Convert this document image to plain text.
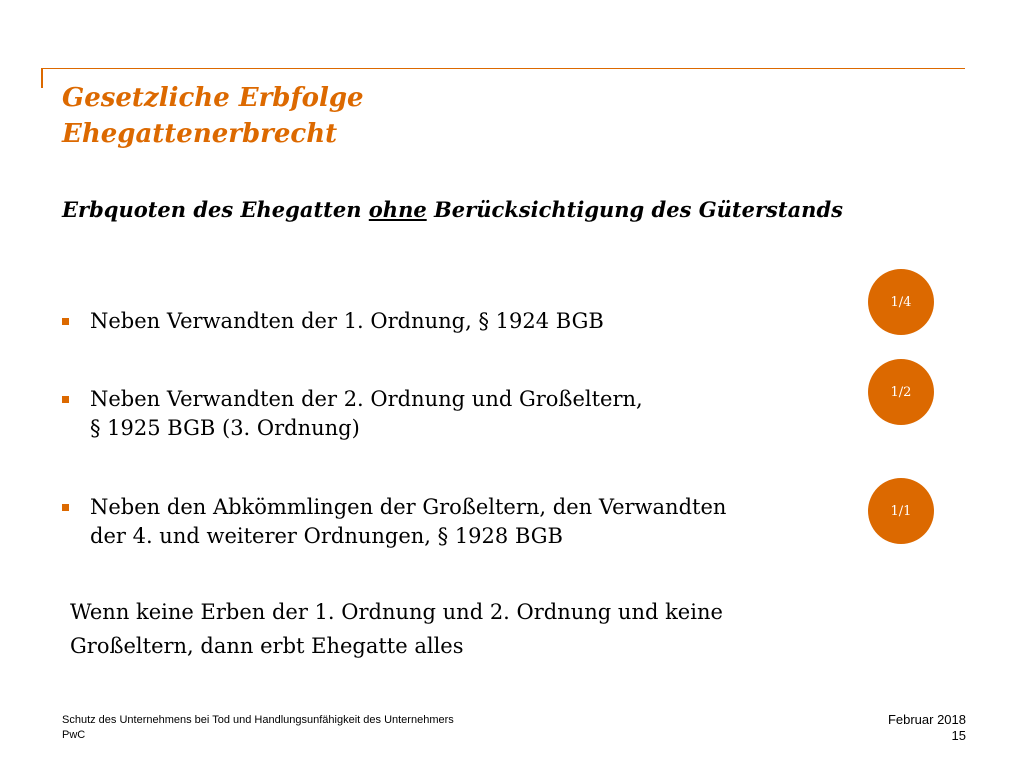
Gesetzliche Erbfolge
Ehegattenerbrecht
Erbquoten des Ehegatten ohne Berücksichtigung des Güterstands
Neben Verwandten der 1. Ordnung, § 1924 BGB
Neben Verwandten der 2. Ordnung und Großeltern,
§ 1925 BGB (3. Ordnung)
Neben den Abkömmlingen der Großeltern, den Verwandten
der 4. und weiterer Ordnungen, § 1928 BGB
1/4
1/2
1/1
Wenn keine Erben der 1. Ordnung und 2. Ordnung und keine
Großeltern, dann erbt Ehegatte alles
Schutz des Unternehmens bei Tod und Handlungsunfähigkeit des Unternehmers
PwC
Februar 2018
15
